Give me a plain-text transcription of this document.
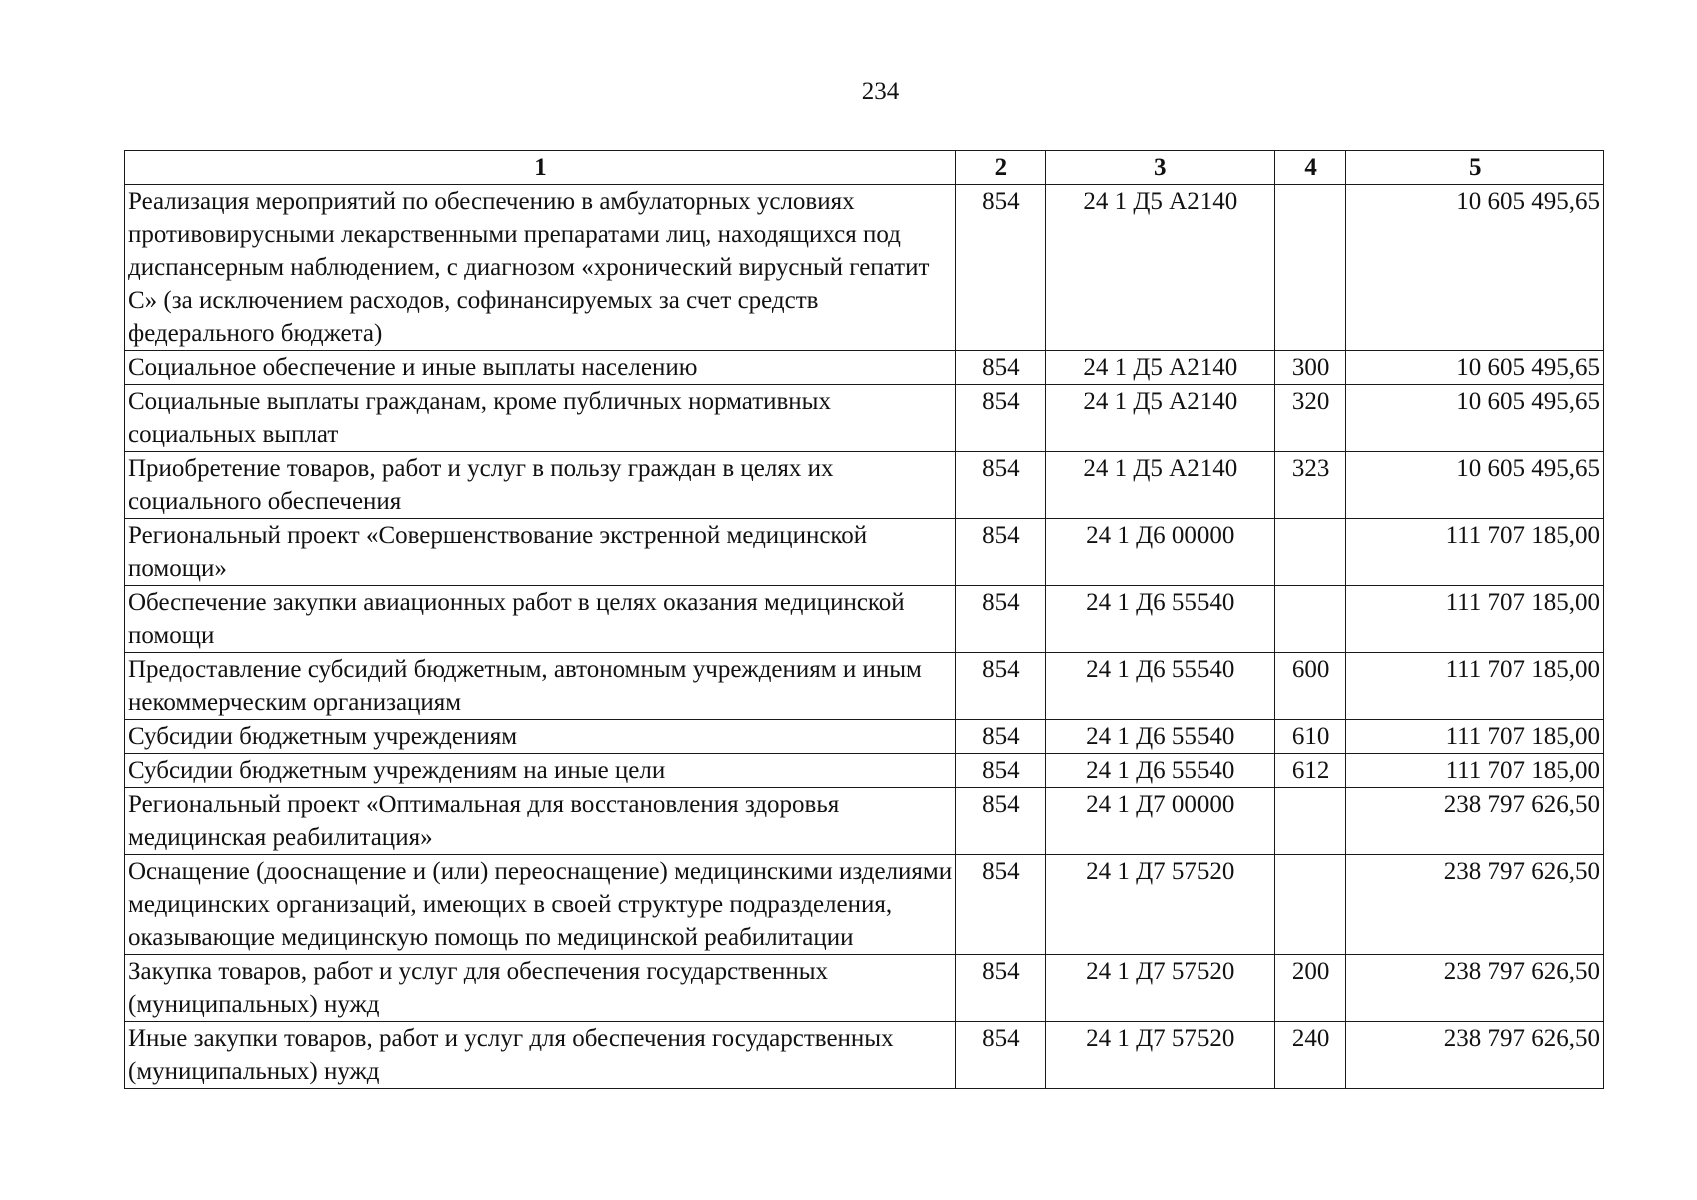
234
1	2	3	4	5
Реализация мероприятий по обеспечению в амбулаторных условиях противовирусными лекарственными препаратами лиц, находящихся под диспансерным наблюдением, с диагнозом «хронический вирусный гепатит С» (за исключением расходов, софинансируемых за счет средств федерального бюджета)	854	24 1 Д5 А2140		10 605 495,65
Социальное обеспечение и иные выплаты населению	854	24 1 Д5 А2140	300	10 605 495,65
Социальные выплаты гражданам, кроме публичных нормативных социальных выплат	854	24 1 Д5 А2140	320	10 605 495,65
Приобретение товаров, работ и услуг в пользу граждан в целях их социального обеспечения	854	24 1 Д5 А2140	323	10 605 495,65
Региональный проект «Совершенствование экстренной медицинской помощи»	854	24 1 Д6 00000		111 707 185,00
Обеспечение закупки авиационных работ в целях оказания медицинской помощи	854	24 1 Д6 55540		111 707 185,00
Предоставление субсидий бюджетным, автономным учреждениям и иным некоммерческим организациям	854	24 1 Д6 55540	600	111 707 185,00
Субсидии бюджетным учреждениям	854	24 1 Д6 55540	610	111 707 185,00
Субсидии бюджетным учреждениям на иные цели	854	24 1 Д6 55540	612	111 707 185,00
Региональный проект «Оптимальная для восстановления здоровья медицинская реабилитация»	854	24 1 Д7 00000		238 797 626,50
Оснащение (дооснащение и (или) переоснащение) медицинскими изделиями медицинских организаций, имеющих в своей структуре подразделения, оказывающие медицинскую помощь по медицинской реабилитации	854	24 1 Д7 57520		238 797 626,50
Закупка товаров, работ и услуг для обеспечения государственных (муниципальных) нужд	854	24 1 Д7 57520	200	238 797 626,50
Иные закупки товаров, работ и услуг для обеспечения государственных (муниципальных) нужд	854	24 1 Д7 57520	240	238 797 626,50
